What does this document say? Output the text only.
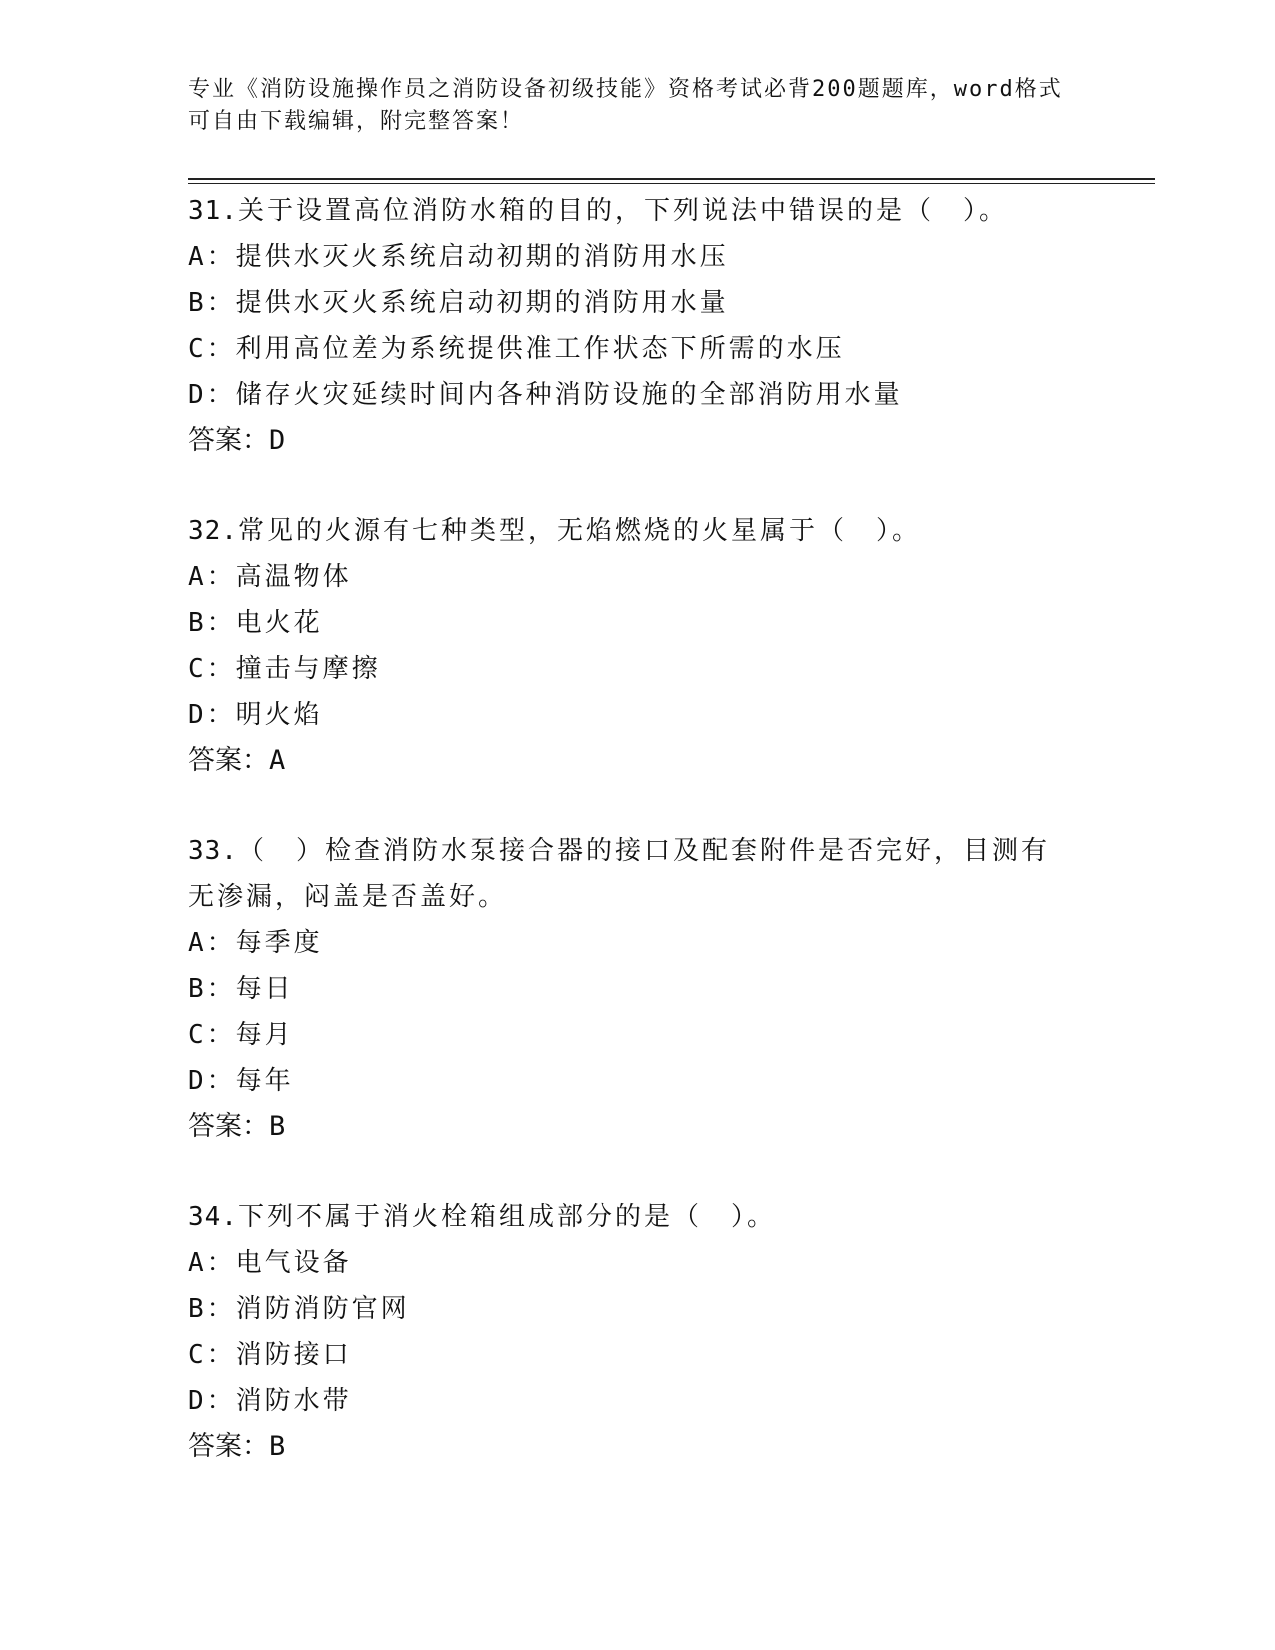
专业《消防设施操作员之消防设备初级技能》资格考试必背200题题库，word格式可自由下载编辑，附完整答案！
31.关于设置高位消防水箱的目的，下列说法中错误的是（　）。
A：提供水灭火系统启动初期的消防用水压
B：提供水灭火系统启动初期的消防用水量
C：利用高位差为系统提供准工作状态下所需的水压
D：储存火灾延续时间内各种消防设施的全部消防用水量
答案：D
32.常见的火源有七种类型，无焰燃烧的火星属于（　）。
A：高温物体
B：电火花
C：撞击与摩擦
D：明火焰
答案：A
33.（　）检查消防水泵接合器的接口及配套附件是否完好，目测有无渗漏，闷盖是否盖好。
A：每季度
B：每日
C：每月
D：每年
答案：B
34.下列不属于消火栓箱组成部分的是（　）。
A：电气设备
B：消防消防官网
C：消防接口
D：消防水带
答案：B
